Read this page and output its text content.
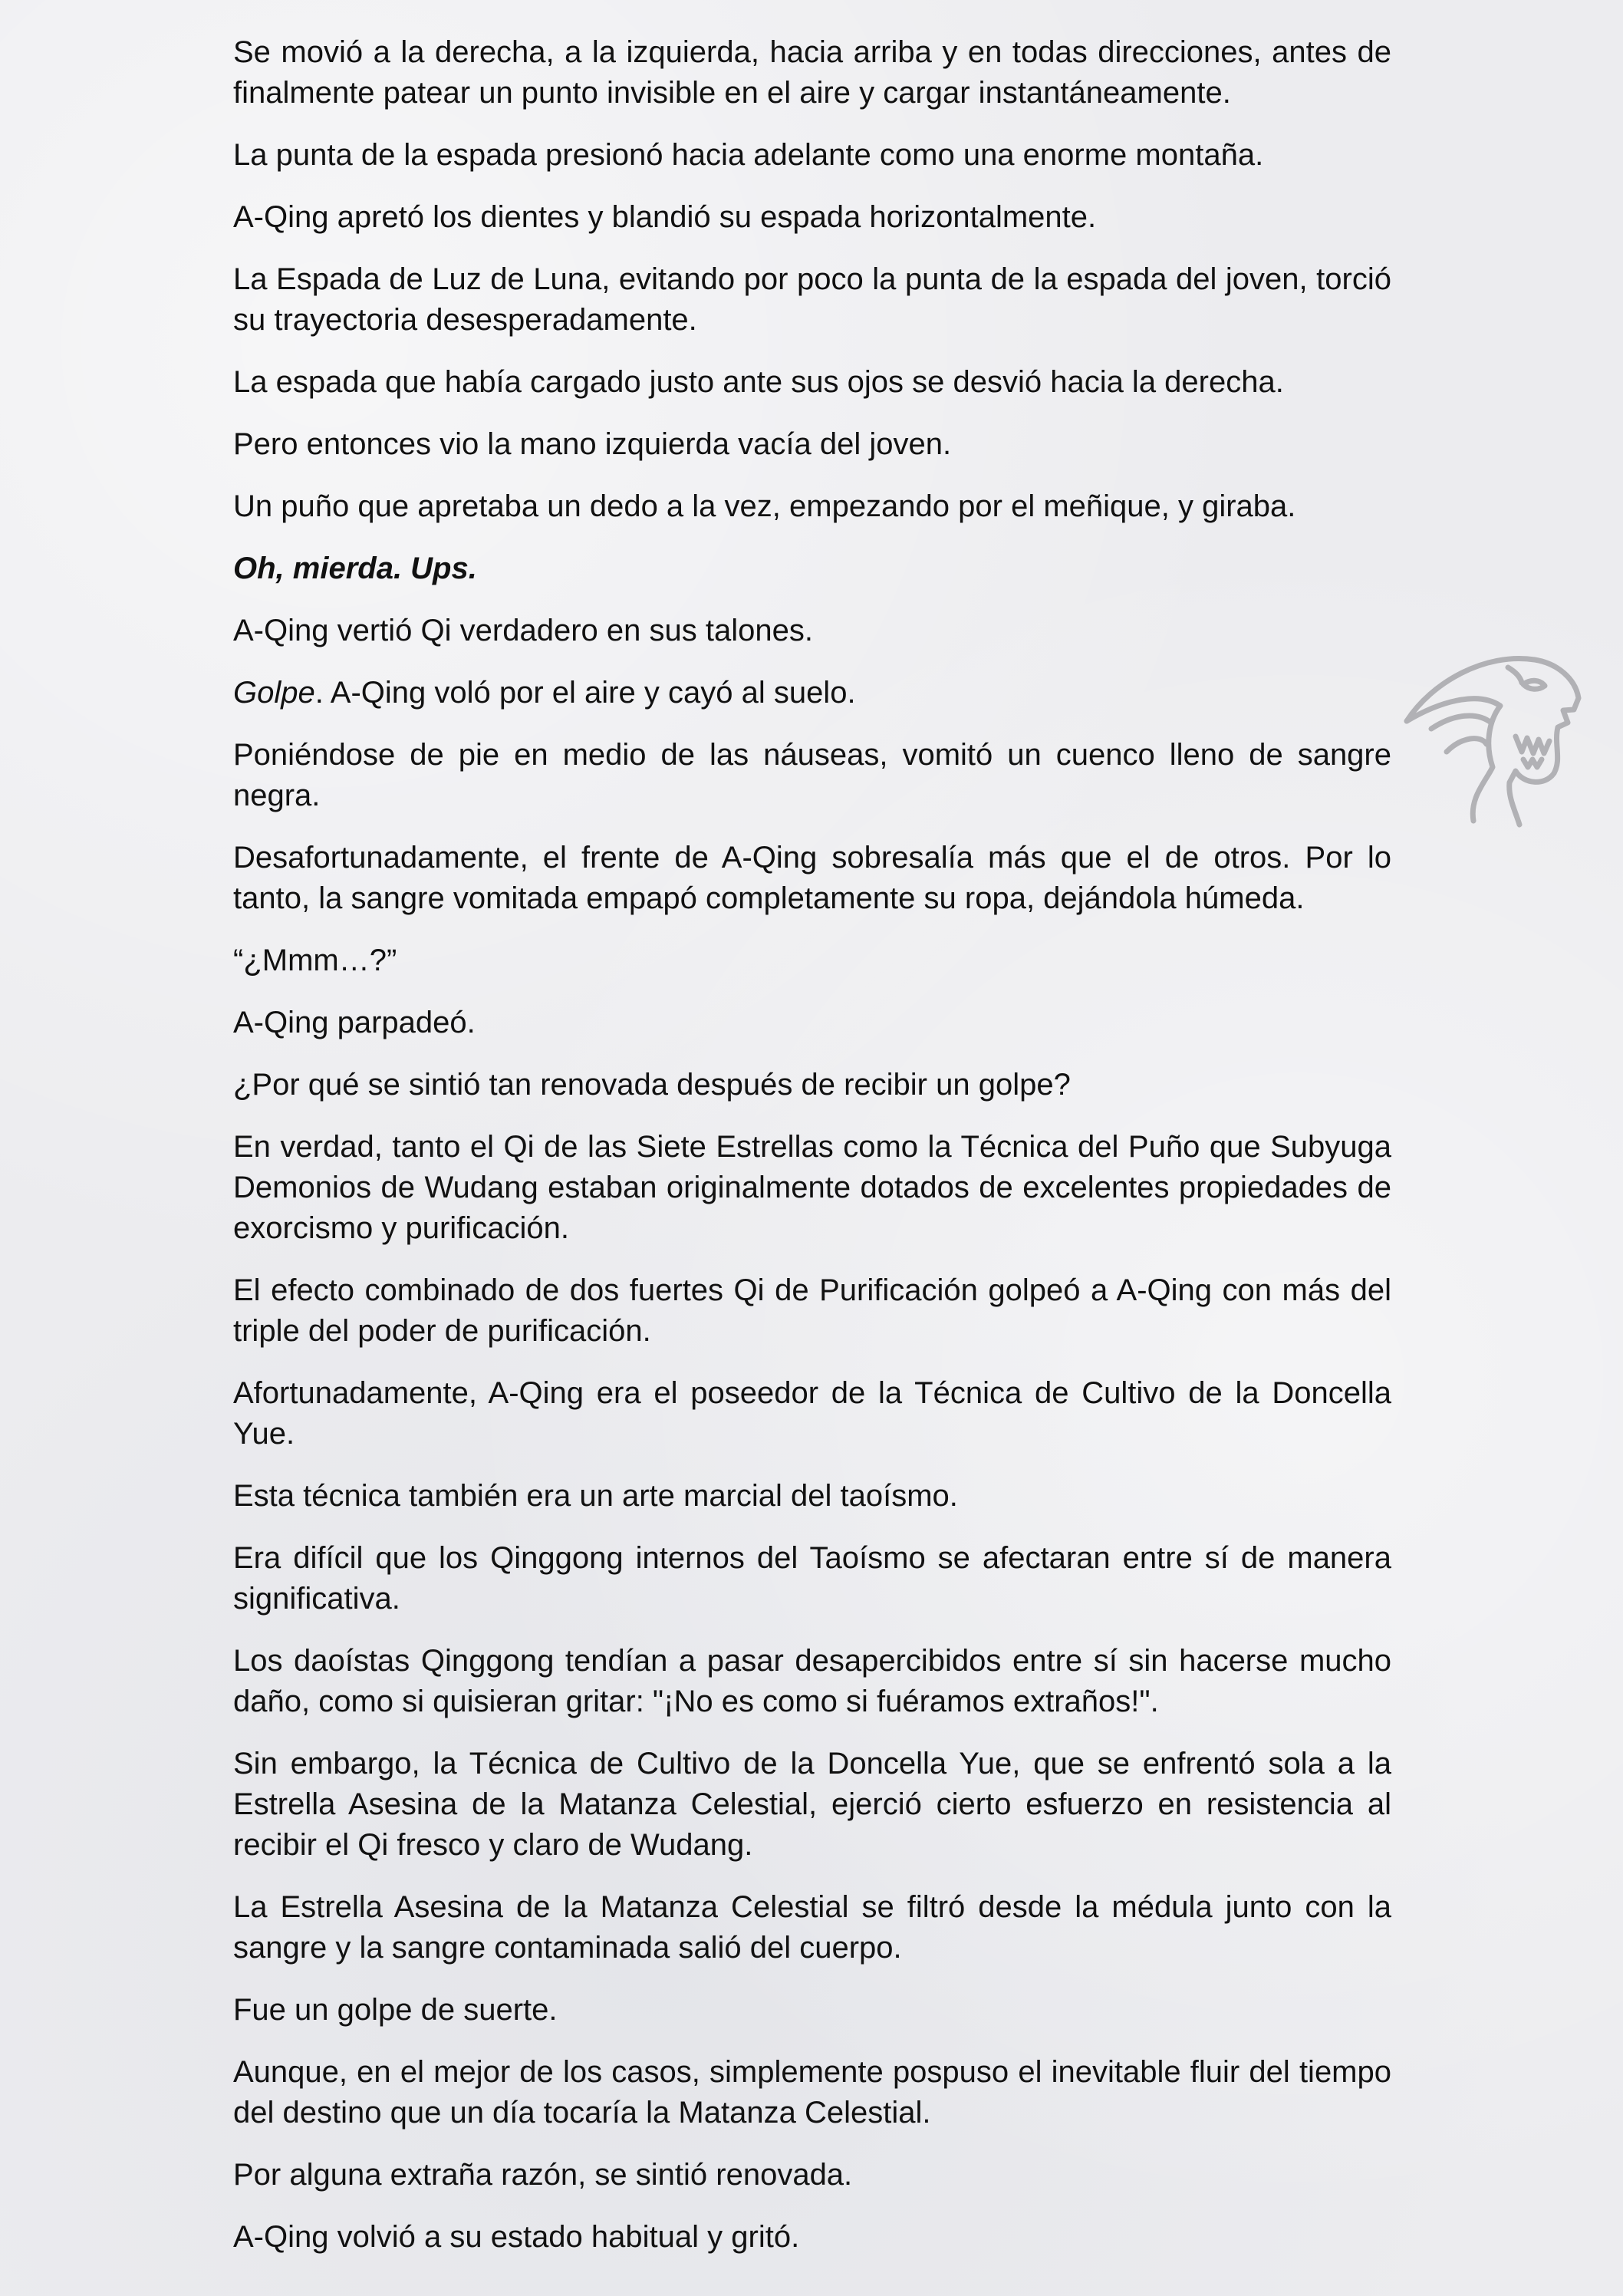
Se movió a la derecha, a la izquierda, hacia arriba y en todas direcciones, antes de finalmente patear un punto invisible en el aire y cargar instantáneamente.

La punta de la espada presionó hacia adelante como una enorme montaña.

A-Qing apretó los dientes y blandió su espada horizontalmente.

La Espada de Luz de Luna, evitando por poco la punta de la espada del joven, torció su trayectoria desesperadamente.

La espada que había cargado justo ante sus ojos se desvió hacia la derecha.

Pero entonces vio la mano izquierda vacía del joven.

Un puño que apretaba un dedo a la vez, empezando por el meñique, y giraba.

Oh, mierda. Ups.

A-Qing vertió Qi verdadero en sus talones.

Golpe. A-Qing voló por el aire y cayó al suelo.

Poniéndose de pie en medio de las náuseas, vomitó un cuenco lleno de sangre negra.

Desafortunadamente, el frente de A-Qing sobresalía más que el de otros. Por lo tanto, la sangre vomitada empapó completamente su ropa, dejándola húmeda.

“¿Mmm…?”

A-Qing parpadeó.

¿Por qué se sintió tan renovada después de recibir un golpe?

En verdad, tanto el Qi de las Siete Estrellas como la Técnica del Puño que Subyuga Demonios de Wudang estaban originalmente dotados de excelentes propiedades de exorcismo y purificación.

El efecto combinado de dos fuertes Qi de Purificación golpeó a A-Qing con más del triple del poder de purificación.

Afortunadamente, A-Qing era el poseedor de la Técnica de Cultivo de la Doncella Yue.

Esta técnica también era un arte marcial del taoísmo.

Era difícil que los Qinggong internos del Taoísmo se afectaran entre sí de manera significativa.

Los daoístas Qinggong tendían a pasar desapercibidos entre sí sin hacerse mucho daño, como si quisieran gritar: "¡No es como si fuéramos extraños!".

Sin embargo, la Técnica de Cultivo de la Doncella Yue, que se enfrentó sola a la Estrella Asesina de la Matanza Celestial, ejerció cierto esfuerzo en resistencia al recibir el Qi fresco y claro de Wudang.

La Estrella Asesina de la Matanza Celestial se filtró desde la médula junto con la sangre y la sangre contaminada salió del cuerpo.

Fue un golpe de suerte.

Aunque, en el mejor de los casos, simplemente pospuso el inevitable fluir del tiempo del destino que un día tocaría la Matanza Celestial.

Por alguna extraña razón, se sintió renovada.

A-Qing volvió a su estado habitual y gritó.
